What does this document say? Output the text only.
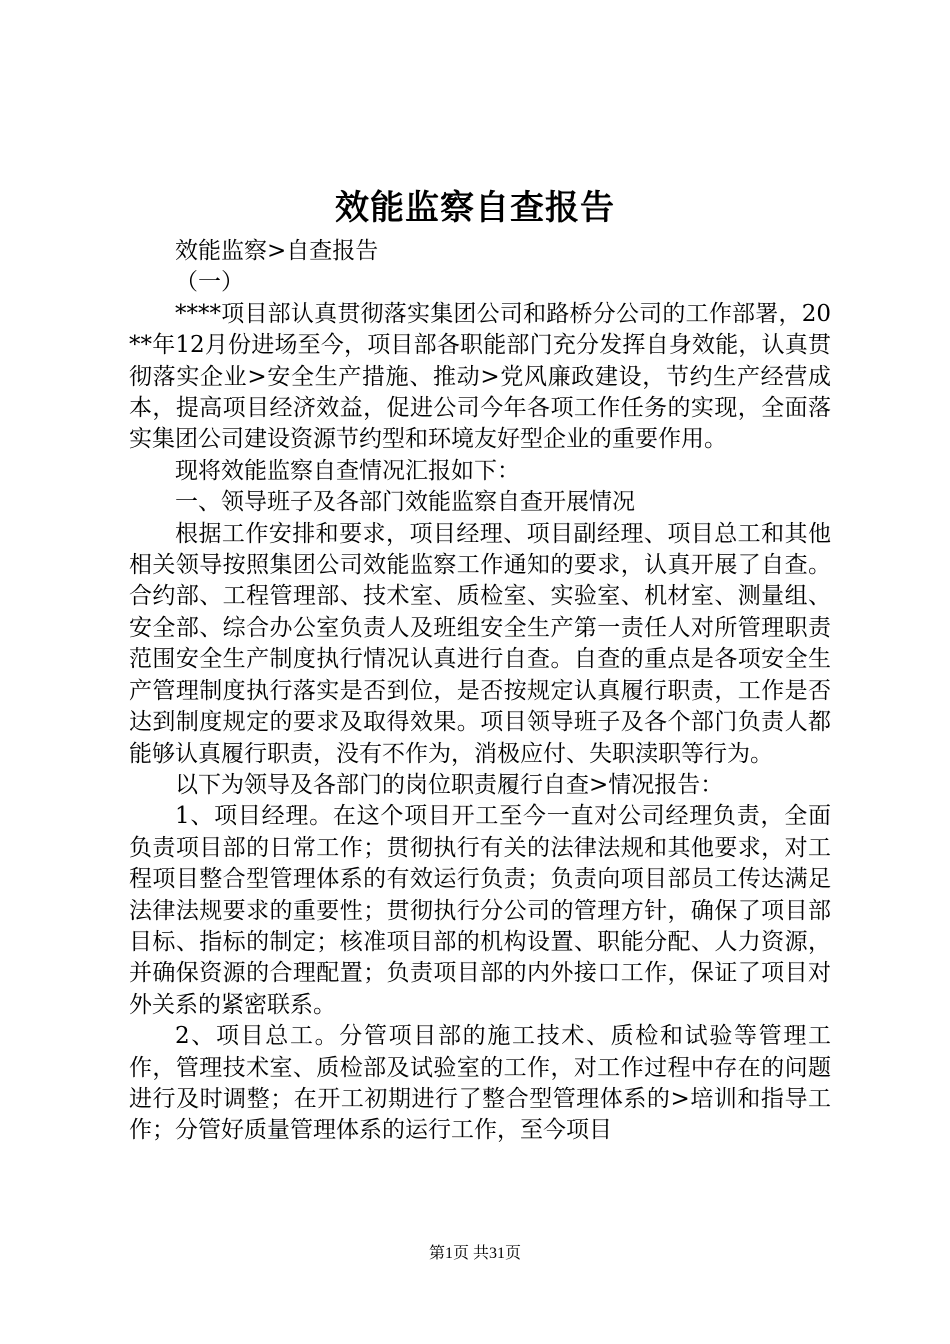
效能监察自查报告

效能监察>自查报告

（一）

****项目部认真贯彻落实集团公司和路桥分公司的工作部署，20**年12月份进场至今，项目部各职能部门充分发挥自身效能，认真贯彻落实企业>安全生产措施、推动>党风廉政建设，节约生产经营成本，提高项目经济效益，促进公司今年各项工作任务的实现，全面落实集团公司建设资源节约型和环境友好型企业的重要作用。

现将效能监察自查情况汇报如下：

一、领导班子及各部门效能监察自查开展情况

根据工作安排和要求，项目经理、项目副经理、项目总工和其他相关领导按照集团公司效能监察工作通知的要求，认真开展了自查。合约部、工程管理部、技术室、质检室、实验室、机材室、测量组、安全部、综合办公室负责人及班组安全生产第一责任人对所管理职责范围安全生产制度执行情况认真进行自查。自查的重点是各项安全生产管理制度执行落实是否到位，是否按规定认真履行职责，工作是否达到制度规定的要求及取得效果。项目领导班子及各个部门负责人都能够认真履行职责，没有不作为，消极应付、失职渎职等行为。

以下为领导及各部门的岗位职责履行自查>情况报告：

1、项目经理。在这个项目开工至今一直对公司经理负责，全面负责项目部的日常工作；贯彻执行有关的法律法规和其他要求，对工程项目整合型管理体系的有效运行负责；负责向项目部员工传达满足法律法规要求的重要性；贯彻执行分公司的管理方针，确保了项目部目标、指标的制定；核准项目部的机构设置、职能分配、人力资源，并确保资源的合理配置；负责项目部的内外接口工作，保证了项目对外关系的紧密联系。

2、项目总工。分管项目部的施工技术、质检和试验等管理工作，管理技术室、质检部及试验室的工作，对工作过程中存在的问题进行及时调整；在开工初期进行了整合型管理体系的>培训和指导工作；分管好质量管理体系的运行工作，至今项目

第1页 共31页
